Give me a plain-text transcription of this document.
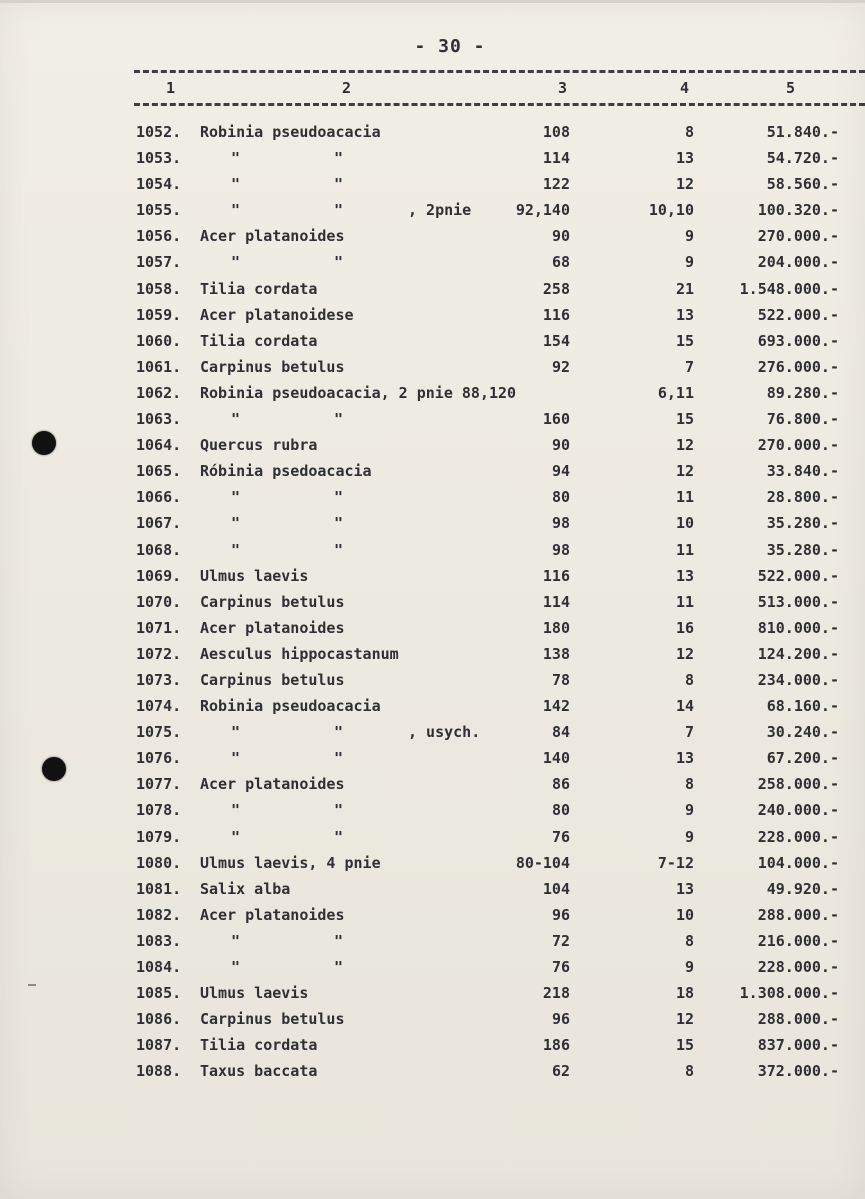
- 30 -
1	2	3	4	5
1052. Robinia pseudoacacia	108	8	51.840.-
1053.	"	"	114	13	54.720.-
1054.	"	"	122	12	58.560.-
1055.	"	"	, 2pnie	92,140	10,10	100.320.-
1056. Acer platanoides	90	9	270.000.-
1057.	"	"	68	9	204.000.-
1058. Tilia cordata	258	21	1.548.000.-
1059. Acer platanoidese	116	13	522.000.-
1060. Tilia cordata	154	15	693.000.-
1061. Carpinus betulus	92	7	276.000.-
1062. Robinia pseudoacacia, 2 pnie 88,120	6,11	89.280.-
1063.	"	"	160	15	76.800.-
1064. Quercus rubra	90	12	270.000.-
1065. Róbinia psedoacacia	94	12	33.840.-
1066.	"	"	80	11	28.800.-
1067.	"	"	98	10	35.280.-
1068.	"	"	98	11	35.280.-
1069. Ulmus laevis	116	13	522.000.-
1070. Carpinus betulus	114	11	513.000.-
1071. Acer platanoides	180	16	810.000.-
1072. Aesculus hippocastanum	138	12	124.200.-
1073. Carpinus betulus	78	8	234.000.-
1074. Robinia pseudoacacia	142	14	68.160.-
1075.	"	"	, usych.	84	7	30.240.-
1076.	"	"	140	13	67.200.-
1077. Acer platanoides	86	8	258.000.-
1078.	"	"	80	9	240.000.-
1079.	"	"	76	9	228.000.-
1080. Ulmus laevis, 4 pnie	80-104	7-12	104.000.-
1081. Salix alba	104	13	49.920.-
1082. Acer platanoides	96	10	288.000.-
1083.	"	"	72	8	216.000.-
1084.	"	"	76	9	228.000.-
1085. Ulmus laevis	218	18	1.308.000.-
1086. Carpinus betulus	96	12	288.000.-
1087. Tilia cordata	186	15	837.000.-
1088. Taxus baccata	62	8	372.000.-
